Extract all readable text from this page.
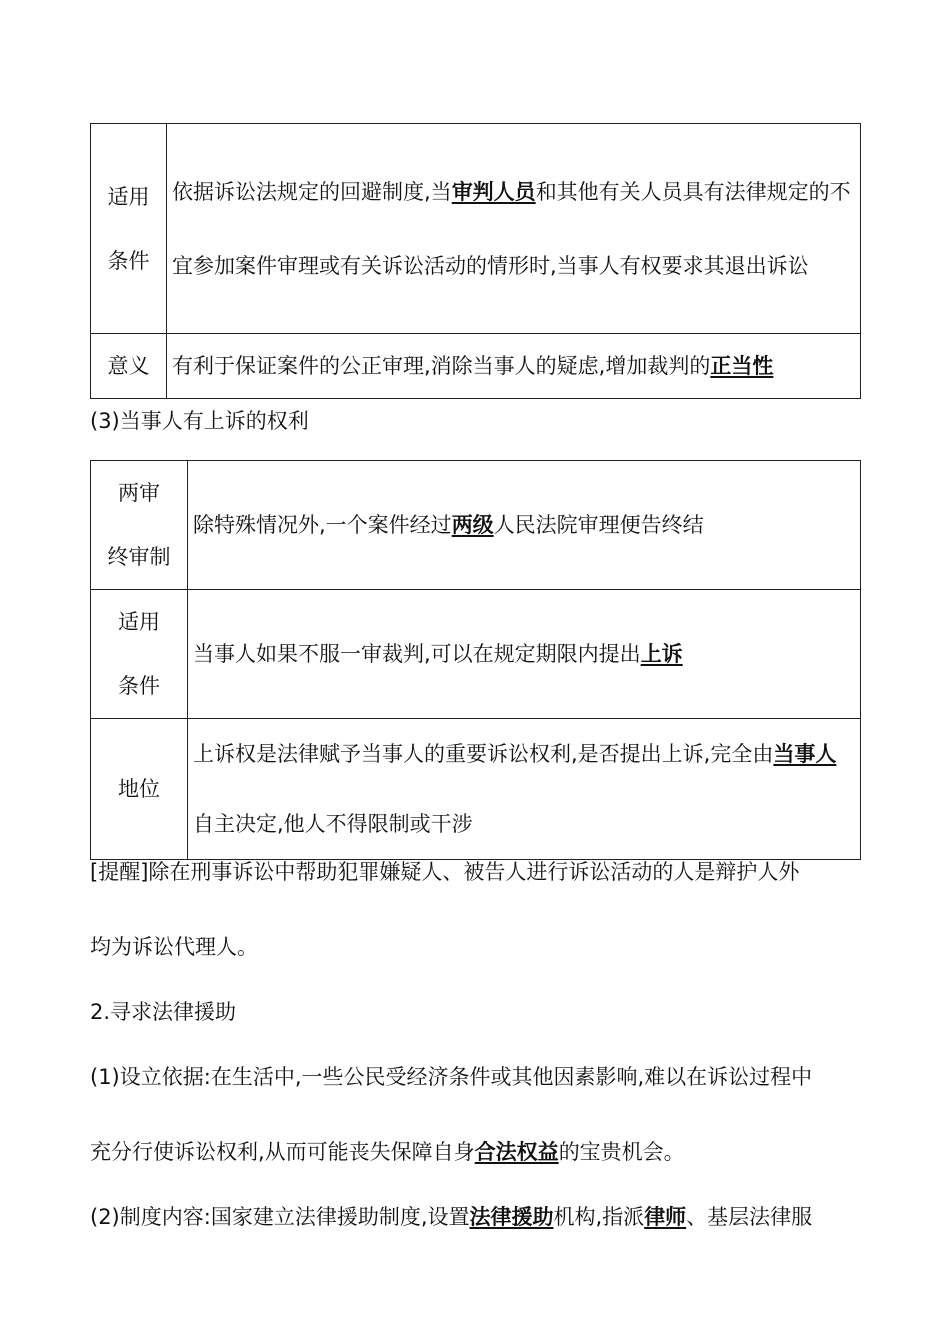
适用
条件	依据诉讼法规定的回避制度,当审判人员和其他有关人员具有法律规定的不宜参加案件审理或有关诉讼活动的情形时,当事人有权要求其退出诉讼
意义	有利于保证案件的公正审理,消除当事人的疑虑,增加裁判的正当性
(3)当事人有上诉的权利
两审
终审制	除特殊情况外,一个案件经过两级人民法院审理便告终结

适用
条件	当事人如果不服一审裁判,可以在规定期限内提出上诉
地位	上诉权是法律赋予当事人的重要诉讼权利,是否提出上诉,完全由当事人自主决定,他人不得限制或干涉
[提醒]除在刑事诉讼中帮助犯罪嫌疑人、被告人进行诉讼活动的人是辩护人外
均为诉讼代理人。
2.寻求法律援助
(1)设立依据:在生活中,一些公民受经济条件或其他因素影响,难以在诉讼过程中
充分行使诉讼权利,从而可能丧失保障自身合法权益的宝贵机会。
(2)制度内容:国家建立法律援助制度,设置法律援助机构,指派律师、基层法律服
